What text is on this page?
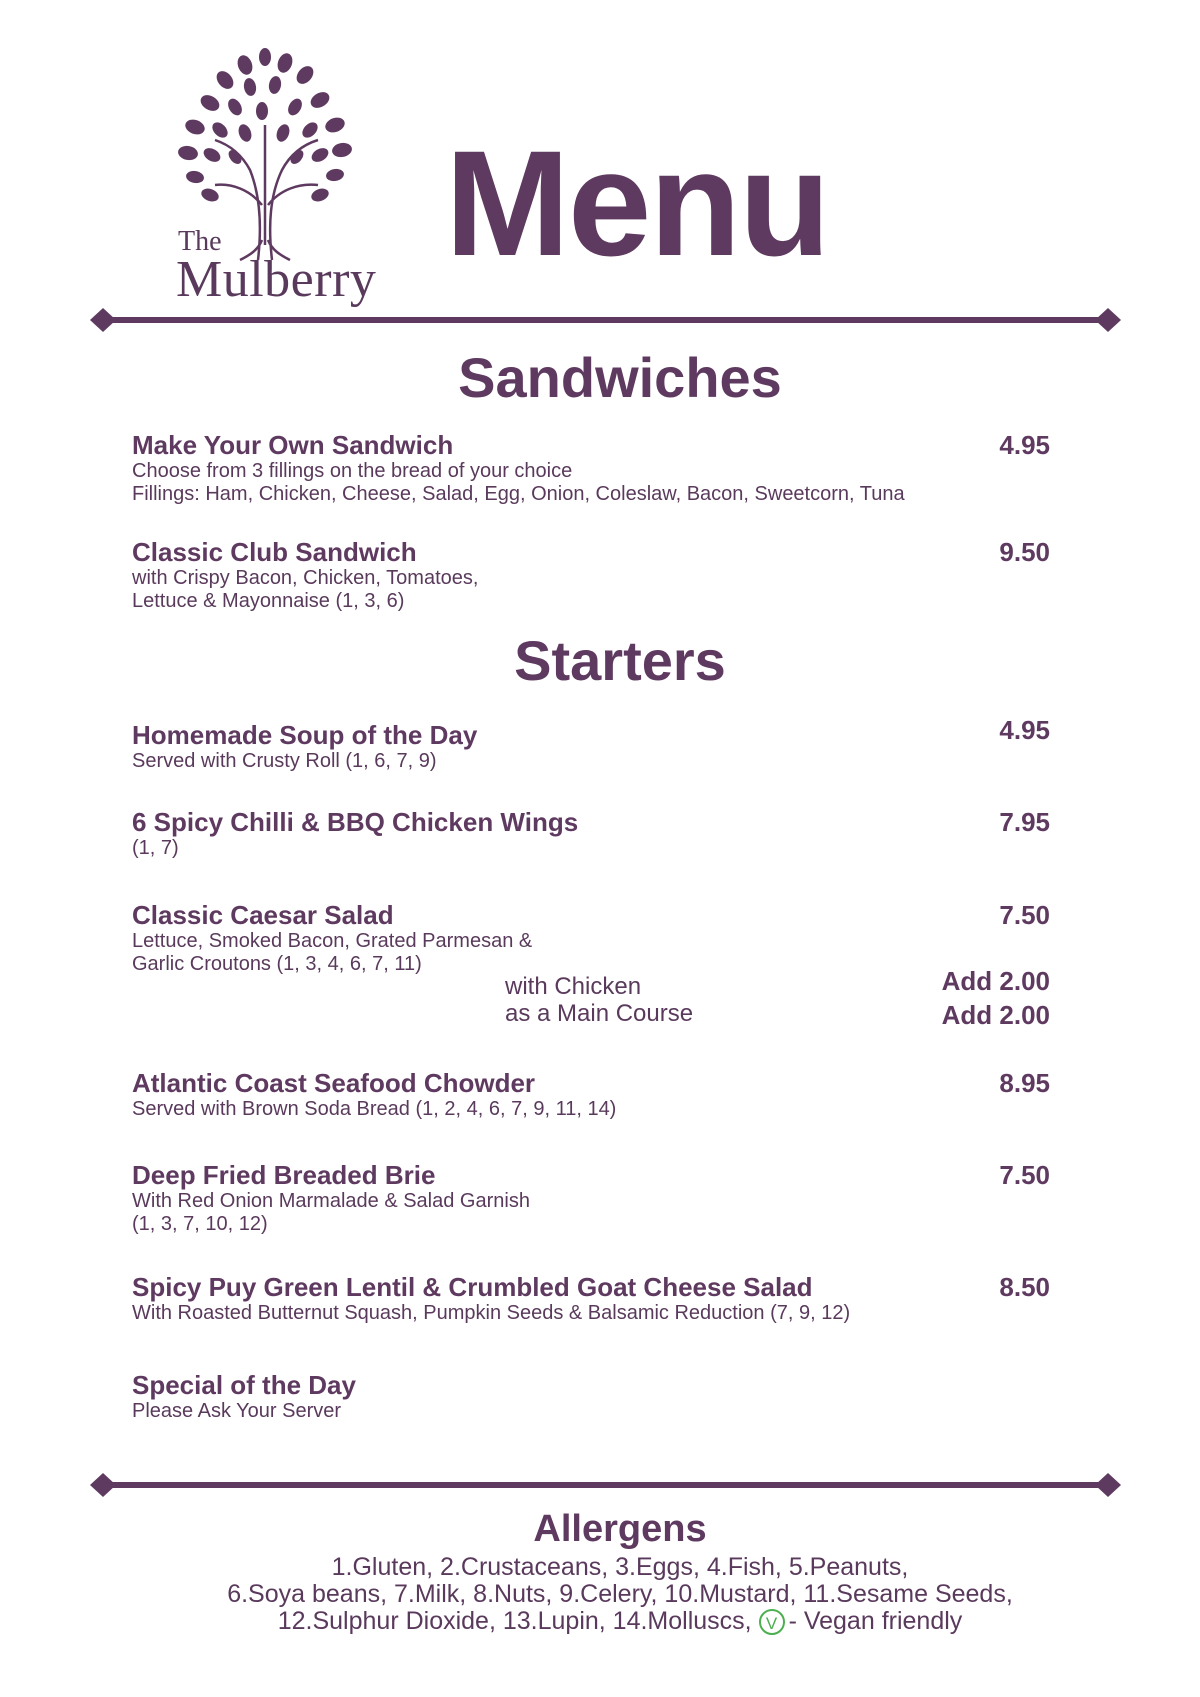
The
Mulberry Menu
Sandwiches
Make Your Own Sandwich
Choose from 3 fillings on the bread of your choice
Fillings: Ham, Chicken, Cheese, Salad, Egg, Onion, Coleslaw, Bacon, Sweetcorn, Tuna
4.95
Classic Club Sandwich
with Crispy Bacon, Chicken, Tomatoes,
Lettuce & Mayonnaise (1, 3, 6)
9.50
Starters
Homemade Soup of the Day
Served with Crusty Roll (1, 6, 7, 9)
4.95
6 Spicy Chilli & BBQ Chicken Wings
(1, 7)
7.95
Classic Caesar Salad
Lettuce, Smoked Bacon, Grated Parmesan &
Garlic Croutons (1, 3, 4, 6, 7, 11)
7.50
with Chicken	Add 2.00
as a Main Course	Add 2.00
Atlantic Coast Seafood Chowder
Served with Brown Soda Bread (1, 2, 4, 6, 7, 9, 11, 14)
8.95
Deep Fried Breaded Brie
With Red Onion Marmalade & Salad Garnish
(1, 3, 7, 10, 12)
7.50
Spicy Puy Green Lentil & Crumbled Goat Cheese Salad
With Roasted Butternut Squash, Pumpkin Seeds & Balsamic Reduction (7, 9, 12)
8.50
Special of the Day
Please Ask Your Server
Allergens
1.Gluten, 2.Crustaceans, 3.Eggs, 4.Fish, 5.Peanuts,
6.Soya beans, 7.Milk, 8.Nuts, 9.Celery, 10.Mustard, 11.Sesame Seeds,
12.Sulphur Dioxide, 13.Lupin, 14.Molluscs, V - Vegan friendly
